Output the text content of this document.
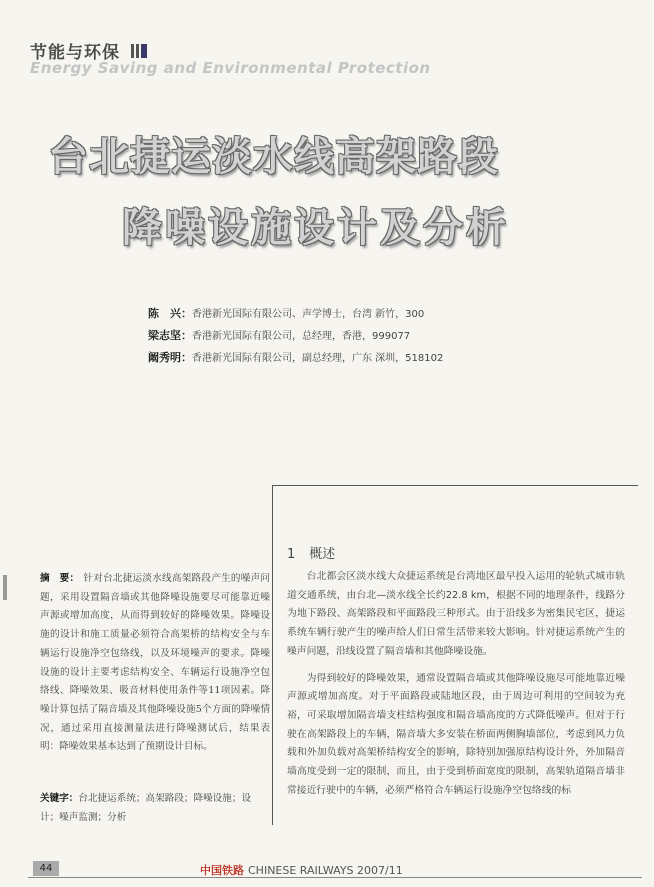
节能与环保
Energy Saving and Environmental Protection
台北捷运淡水线高架路段
降噪设施设计及分析
陈　兴：香港新光国际有限公司、声学博士，台湾 新竹，300
梁志坚：香港新光国际有限公司，总经理，香港，999077
阚秀明：香港新光国际有限公司，副总经理，广东 深圳，518102
摘　要： 针对台北捷运淡水线高架路段产生的噪声问题，采用设置隔音墙或其他降噪设施要尽可能靠近噪声源或增加高度，从而得到较好的降噪效果。降噪设施的设计和施工质量必须符合高架桥的结构安全与车辆运行设施净空包络线，以及环境噪声的要求。降噪设施的设计主要考虑结构安全、车辆运行设施净空包络线、降噪效果、吸音材料使用条件等11项因素。降噪计算包括了隔音墙及其他降噪设施5个方面的降噪情况，通过采用直接测量法进行降噪测试后，结果表明：降噪效果基本达到了预期设计目标。
关键字：台北捷运系统；高架路段；降噪设施；设计；噪声监测；分析
1 概述

台北都会区淡水线大众捷运系统是台湾地区最早投入运用的轮轨式城市轨道交通系统，由台北—淡水线全长约22.8 km，根据不同的地理条件，线路分为地下路段、高架路段和平面路段三种形式。由于沿线多为密集民宅区，捷运系统车辆行驶产生的噪声给人们日常生活带来较大影响。针对捷运系统产生的噪声问题，沿线设置了隔音墙和其他降噪设施。

为得到较好的降噪效果，通常设置隔音墙或其他降噪设施尽可能地靠近噪声源或增加高度。对于平面路段或陆地区段，由于周边可利用的空间较为充裕，可采取增加隔音墙支柱结构强度和隔音墙高度的方式降低噪声。但对于行驶在高架路段上的车辆，隔音墙大多安装在桥面两侧胸墙部位，考虑到风力负载和外加负载对高架桥结构安全的影响，除特别加强原结构设计外，外加隔音墙高度受到一定的限制，而且，由于受到桥面宽度的限制，高架轨道隔音墙非常接近行驶中的车辆，必须严格符合车辆运行设施净空包络线的标

44	中国铁路 CHINESE RAILWAYS 2007/11
